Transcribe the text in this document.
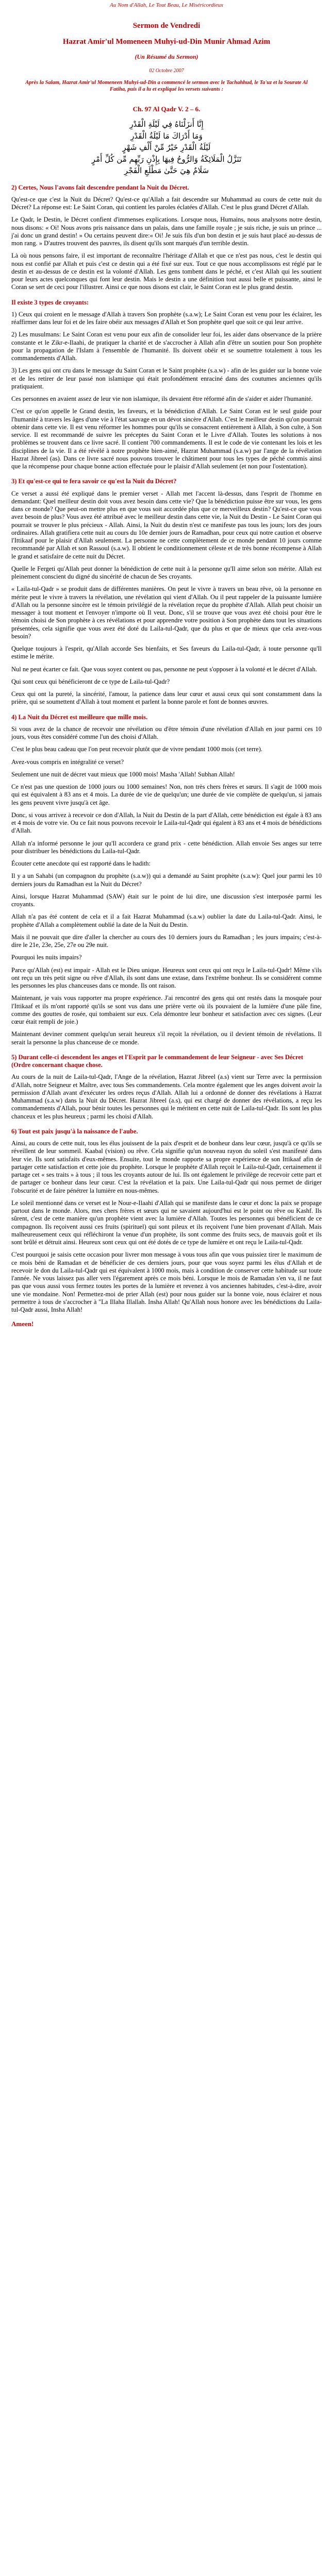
Au Nom d'Allah, Le Tout Beau, Le Miséricordieux
Sermon de Vendredi
Hazrat Amir'ul Momeneen Muhyi-ud-Din Munir Ahmad Azim
(Un Résumé du Sermon)
02 Octobre 2007
Après la Salam, Hazrat Amir'ul Momeneen Muhyi-ud-Din a commencé le sermon avec le Tachahhud, le Ta'uz et la Sourate Al Fatiha, puis il a lu et expliqué les versets suivants :
Ch. 97 Al Qadr V. 2 – 6.
إِنَّا أَنزَلْنَاهُ فِي لَيْلَةِ الْقَدْرِ
وَمَا أَدْرَاكَ مَا لَيْلَةُ الْقَدْرِ
لَيْلَةُ الْقَدْرِ خَيْرٌ مِّنْ أَلْفِ شَهْرٍ
تَنَزَّلُ الْمَلَائِكَةُ وَالرُّوحُ فِيهَا بِإِذْنِ رَبِّهِم مِّن كُلِّ أَمْرٍ
سَلَامٌ هِيَ حَتَّىٰ مَطْلَعِ الْفَجْرِ
2) Certes, Nous l'avons fait descendre pendant la Nuit du Décret.

Qu'est-ce que c'est la Nuit du Décret? Qu'est-ce qu'Allah a fait descendre sur Muhammad au cours de cette nuit du Décret? La réponse est: Le Saint Coran, qui contient les paroles éclatées d'Allah. C'est le plus grand Décret d'Allah.

Le Qadr, le Destin, le Décret confient d'immenses explications. Lorsque nous, Humains, nous analysons notre destin, nous disons: « Oi! Nous avons pris naissance dans un palais, dans une famille royale ; je suis riche, je suis un prince ... j'ai donc un grand destin! » Ou certains peuvent dire:« Oi! Je suis fils d'un bon destin et je suis haut placé au-dessus de mon rang. » D'autres trouvent des pauvres, ils disent qu'ils sont marqués d'un terrible destin.

Là où nous pensons faire, il est important de reconnaître l'héritage d'Allah et que ce n'est pas nous, c'est le destin qui nous est confié par Allah et puis c'est ce destin qui a été fixé sur eux. Tout ce que nous accomplissons est réglé par le destin et au-dessus de ce destin est la volonté d'Allah. Les gens tombent dans le péché, et c'est Allah qui les soutient pour leurs actes quelconques qui font leur destin. Mais le destin a une définition tout aussi belle et puissante, ainsi le Coran se sert de ceci pour l'illustrer. Ainsi ce que nous disons est clair, le Saint Coran est le plus grand destin.

Il existe 3 types de croyants:

1) Ceux qui croient en le message d'Allah à travers Son prophète (s.a.w); Le Saint Coran est venu pour les éclairer, les réaffirmer dans leur foi et de les faire obéir aux messages d'Allah et Son prophète quel que soit ce qui leur arrive.

2) Les musulmans: Le Saint Coran est venu pour eux afin de consolider leur foi, les aider dans observance de la prière constante et le Zikr-e-Ilaahi, de pratiquer la charité et de s'accrocher à Allah afin d'être un soutien pour Son prophète pour la propagation de l'Islam à l'ensemble de l'humanité. Ils doivent obéir et se soumettre totalement à tous les commandements d'Allah.

3) Les gens qui ont cru dans le message du Saint Coran et le Saint prophète (s.a.w) - afin de les guider sur la bonne voie et de les retirer de leur passé non islamique qui était profondément enraciné dans des coutumes anciennes qu'ils pratiquaient.

Ces personnes en avaient assez de leur vie non islamique, ils devaient être réformé afin de s'aider et aider l'humanité.

C'est ce qu'on appelle le Grand destin, les faveurs, et la bénédiction d'Allah. Le Saint Coran est le seul guide pour l'humanité à travers les âges d'une vie à l'état sauvage en un dévot sincère d'Allah. C'est le meilleur destin qu'on pourrait obtenir dans cette vie. Il est venu réformer les hommes pour qu'ils se consacrent entièrement à Allah, à Son culte, à Son service. Il est recommandé de suivre les préceptes du Saint Coran et le Livre d'Allah. Toutes les solutions à nos problèmes se trouvent dans ce livre sacré. Il contient 700 commandements. Il est le code de vie contenant les lois et les disciplines de la vie. Il a été révélé à notre prophète bien-aimé, Hazrat Muhammad (s.a.w) par l'ange de la révélation Hazrat Jibreel (as). Dans ce livre sacré nous pouvons trouver le châtiment pour tous les types de péché commis ainsi que la récompense pour chaque bonne action effectuée pour le plaisir d'Allah seulement (et non pour l'ostentation).

3) Et qu'est-ce qui te fera savoir ce qu'est la Nuit du Décret?

Ce verset a aussi été expliqué dans le premier verset - Allah met l'accent là-dessus, dans l'esprit de l'homme en demandant: Quel meilleur destin doit vous avez besoin dans cette vie? Que la bénédiction puisse être sur vous, les gens dans ce monde? Que peut-on mettre plus en que vous soit accordée plus que ce merveilleux destin? Qu'est-ce que vous avez besoin de plus? Vous avez été attribué avec le meilleur destin dans cette vie, la Nuit du Destin - Le Saint Coran qui pourrait se trouver le plus précieux - Allah. Ainsi, la Nuit du destin n'est ce manifeste pas tous les jours; lors des jours ordinaires. Allah gratifiera cette nuit au cours du 10e dernier jours de Ramadhan, pour ceux qui notre caution et observe l'Ittikaaf pour le plaisir d'Allah seulement. La personne ne cette complètement de ce monde pendant 10 jours comme recommandé par Allah et son Rassoul (s.a.w). Il obtient le conditionnement céleste et de très bonne récompense à Allah le grand et satisfaire de cette nuit du Décret.

Quelle le Fergeti qu'Allah peut donner la bénédiction de cette nuit à la personne qu'Il aime selon son mérite. Allah est pleinement conscient du digné du sincérité de chacun de Ses croyants.

« Laila-tul-Qadr » se produit dans de différentes manières. On peut le vivre à travers un beau rêve, où la personne en mérite peut le vivre à travers la révélation, une révélation qui vient d'Allah. Ou il peut rappeler de la puissante lumière d'Allah ou la personne sincère est le témoin privilégié de la révélation reçue du prophète d'Allah. Allah peut choisir un messager à tout moment et l'envoyer n'importe où Il veut. Donc, s'il se trouve que vous avez été choisi pour être le témoin choisi de Son prophète à ces révélations et pour apprendre votre position à Son prophète dans tout les situations présentées, cela signifie que vous avez été doté du Laila-tul-Qadr, que du plus et que de mieux que cela avez-vous besoin?

Quelque toujours à l'esprit, qu'Allah accorde Ses bienfaits, et Ses faveurs du Laila-tul-Qadr, à toute personne qu'Il estime le mérite.

Nul ne peut écarter ce fait. Que vous soyez content ou pas, personne ne peut s'opposer à la volonté et le décret d'Allah.

Qui sont ceux qui bénéficieront de ce type de Laila-tul-Qadr?

Ceux qui ont la pureté, la sincérité, l'amour, la patience dans leur cœur et aussi ceux qui sont constamment dans la prière, qui se soumettent d'Allah à tout moment et parlent la bonne parole et font de bonnes œuvres.

4) La Nuit du Décret est meilleure que mille mois.

Si vous avez de la chance de recevoir une révélation ou d'être témoin d'une révélation d'Allah en jour parmi ces 10 jours, vous êtes considéré comme l'un des choisi d'Allah.

C'est le plus beau cadeau que l'on peut recevoir plutôt que de vivre pendant 1000 mois (cet terre).

Avez-vous compris en intégralité ce verset?

Seulement une nuit de décret vaut mieux que 1000 mois! Masha 'Allah! Subhan Allah!

Ce n'est pas une question de 1000 jours ou 1000 semaines! Non, non très chers frères et sœurs. Il s'agit de 1000 mois qui est équivalent à 83 ans et 4 mois. La durée de vie de quelqu'un; une durée de vie complète de quelqu'un, si jamais les gens peuvent vivre jusqu'à cet âge.

Donc, si vous arrivez à recevoir ce don d'Allah, la Nuit du Destin de la part d'Allah, cette bénédiction est égale à 83 ans et 4 mois de votre vie. Ou ce fait nous pouvons recevoir le Laila-tul-Qadr qui égalent à 83 ans et 4 mois de bénédictions d'Allah.

Allah n'a informé personne le jour qu'Il accordera ce grand prix - cette bénédiction. Allah envoie Ses anges sur terre pour distribuer les bénédictions du Laila-tul-Qadr.

Écouter cette anecdote qui est rapporté dans le hadith:

Il y a un Sahabi (un compagnon du prophète (s.a.w)) qui a demandé au Saint prophète (s.a.w): Quel jour parmi les 10 derniers jours du Ramadhan est la Nuit du Décret?

Ainsi, lorsque Hazrat Muhammad (SAW) était sur le point de lui dire, une discussion s'est interposée parmi les croyants.

Allah n'a pas été content de cela et il a fait Hazrat Muhammad (s.a.w) oublier la date du Laila-tul-Qadr. Ainsi, le prophète d'Allah a complètement oublié la date de la Nuit du Destin.

Mais il ne pouvait que dire d'aller la chercher au cours des 10 derniers jours du Ramadhan ; les jours impairs; c'est-à-dire le 21e, 23e, 25e, 27e ou 29e nuit.

Pourquoi les nuits impairs?

Parce qu'Allah (est) est impair - Allah est le Dieu unique. Heureux sont ceux qui ont reçu le Laila-tul-Qadr! Même s'ils ont reçu un très petit signe ou rêve d'Allah, ils sont dans une extase, dans l'extrême bonheur. Ils se considèrent comme les personnes les plus chanceuses dans ce monde. Ils ont raison.

Maintenant, je vais vous rapporter ma propre expérience. J'ai rencontré des gens qui ont restés dans la mosquée pour l'Ittikaaf et ils m'ont rapporté qu'ils se sont vus dans une prière verte où ils pouvaient de la lumière d'une pâle fine, comme des gouttes de rosée, qui tombaient sur eux. Cela démontre leur bonheur et satisfaction avec ces signes. (Leur cœur était rempli de joie.)

Maintenant deviner comment quelqu'un serait heureux s'il reçoit la révélation, ou il devient témoin de révélations. Il serait la personne la plus chanceuse de ce monde.

5) Durant celle-ci descendent les anges et l'Esprit par le commandement de leur Seigneur - avec Ses Décret (Ordre concernant chaque chose.

Au cours de la nuit de Laila-tul-Qadr, l'Ange de la révélation, Hazrat Jibreel (a.s) vient sur Terre avec la permission d'Allah, notre Seigneur et Maître, avec tous Ses commandements. Cela montre également que les anges doivent avoir la permission d'Allah avant d'exécuter les ordres reçus d'Allah. Allah lui a ordonné de donner des révélations à Hazrat Muhammad (s.a.w) dans la Nuit du Décret. Hazrat Jibreel (a.s), qui est chargé de donner des révélations, a reçu les commandements d'Allah, pour bénir toutes les personnes qui le méritent en cette nuit de Laila-tul-Qadr. Ils sont les plus chanceux et les plus heureux ; parmi les choisi d'Allah.

6) Tout est paix jusqu'à la naissance de l'aube.

Ainsi, au cours de cette nuit, tous les élus jouissent de la paix d'esprit et de bonheur dans leur cœur, jusqu'à ce qu'ils se réveillent de leur sommeil. Kaabal (vision) ou rêve. Cela signifie qu'un nouveau rayon du soleil s'est manifesté dans leur vie. Ils sont satisfaits d'eux-mêmes. Ensuite, tout le monde rapporte sa propre expérience de son Ittikaaf afin de partager cette satisfaction et cette joie du prophète. Lorsque le prophète d'Allah reçoit le Laila-tul-Qadr, certainement il partage cet « ses traits » à tous ; il tous les croyants autour de lui. Ils ont également le privilège de recevoir cette part et de partager ce bonheur dans leur cœur. C'est la révélation et la paix. Une Laila-tul-Qadr qui nous permet de diriger l'obscurité et de faire pénétrer la lumière en nous-mêmes.

Le soleil mentionné dans ce verset est le Nour-e-Ilaahi d'Allah qui se manifeste dans le cœur et donc la paix se propage partout dans le monde. Alors, mes chers frères et sœurs qui ne savaient aujourd'hui est le point ou rêve ou Kashf. Ils sûrent, c'est de cette manière qu'un prophète vient avec la lumière d'Allah. Toutes les personnes qui bénéficient de ce compagnon. Ils reçoivent aussi ces fruits (spirituel) qui sont pileux et ils reçoivent l'une bien provenant d'Allah. Mais malheureusement ceux qui réfléchiront la venue d'un prophète, ils sont comme des fruits secs, de mauvais goût et ils sont brûlé et détruit ainsi. Heureux sont ceux qui ont été dotés de ce type de lumière et ont reçu le Laila-tul-Qadr.

C'est pourquoi je saisis cette occasion pour livrer mon message à vous tous afin que vous puissiez tirer le maximum de ce mois béni de Ramadan et de bénéficier de ces derniers jours, pour que vous soyez parmi les élus d'Allah et de recevoir le don du Laila-tul-Qadr qui est équivalent à 1000 mois, mais à condition de conserver cette habitude sur toute l'année. Ne vous laissez pas aller vers l'égarement après ce mois béni. Lorsque le mois de Ramadan s'en va, il ne faut pas que vous aussi vous fermez toutes les portes de la lumière et revenez à vos anciennes habitudes, c'est-à-dire, avoir une vie mondaine. Non! Permettez-moi de prier Allah (est) pour nous guider sur la bonne voie, nous éclairer et nous permettre à tous de s'accrocher à "La Illaha Illallah. Insha Allah! Qu'Allah nous honore avec les bénédictions du Laila-tul-Qadr aussi, Insha Allah!

Ameen!
